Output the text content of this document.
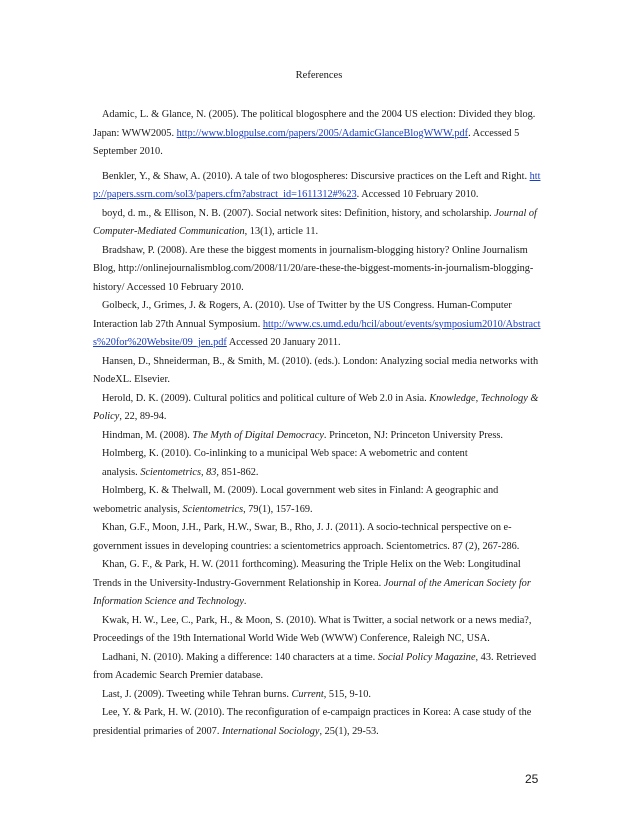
References

Adamic, L. & Glance, N. (2005). The political blogosphere and the 2004 US election: Divided they blog. Japan: WWW2005. http://www.blogpulse.com/papers/2005/AdamicGlanceBlogWWW.pdf. Accessed 5 September 2010.

Benkler, Y., & Shaw, A. (2010). A tale of two blogospheres: Discursive practices on the Left and Right. http://papers.ssrn.com/sol3/papers.cfm?abstract_id=1611312#%23. Accessed 10 February 2010.

boyd, d. m., & Ellison, N. B. (2007). Social network sites: Definition, history, and scholarship. Journal of Computer-Mediated Communication, 13(1), article 11.

Bradshaw, P. (2008). Are these the biggest moments in journalism-blogging history? Online Journalism Blog, http://onlinejournalismblog.com/2008/11/20/are-these-the-biggest-moments-in-journalism-blogging-history/ Accessed 10 February 2010.

Golbeck, J., Grimes, J. & Rogers, A. (2010). Use of Twitter by the US Congress. Human-Computer Interaction lab 27th Annual Symposium. http://www.cs.umd.edu/hcil/about/events/symposium2010/Abstracts%20for%20Website/09_jen.pdf Accessed 20 January 2011.

Hansen, D., Shneiderman, B., & Smith, M. (2010). (eds.). London: Analyzing social media networks with NodeXL. Elsevier.

Herold, D. K. (2009). Cultural politics and political culture of Web 2.0 in Asia. Knowledge, Technology & Policy, 22, 89-94.

Hindman, M. (2008). The Myth of Digital Democracy. Princeton, NJ: Princeton University Press.

Holmberg, K. (2010). Co-inlinking to a municipal Web space: A webometric and content
analysis. Scientometrics, 83, 851-862.

Holmberg, K. & Thelwall, M. (2009). Local government web sites in Finland: A geographic and webometric analysis, Scientometrics, 79(1), 157-169.

Khan, G.F., Moon, J.H., Park, H.W., Swar, B., Rho, J. J. (2011). A socio-technical perspective on e-government issues in developing countries: a scientometrics approach. Scientometrics. 87 (2), 267-286.

Khan, G. F., & Park, H. W. (2011 forthcoming). Measuring the Triple Helix on the Web: Longitudinal Trends in the University-Industry-Government Relationship in Korea. Journal of the American Society for Information Science and Technology.

Kwak, H. W., Lee, C., Park, H., & Moon, S. (2010). What is Twitter, a social network or a news media?, Proceedings of the 19th International World Wide Web (WWW) Conference, Raleigh NC, USA.

Ladhani, N. (2010). Making a difference: 140 characters at a time. Social Policy Magazine, 43. Retrieved from Academic Search Premier database.

Last, J. (2009). Tweeting while Tehran burns. Current, 515, 9-10.

Lee, Y. & Park, H. W. (2010). The reconfiguration of e-campaign practices in Korea: A case study of the presidential primaries of 2007. International Sociology, 25(1), 29-53.

25
